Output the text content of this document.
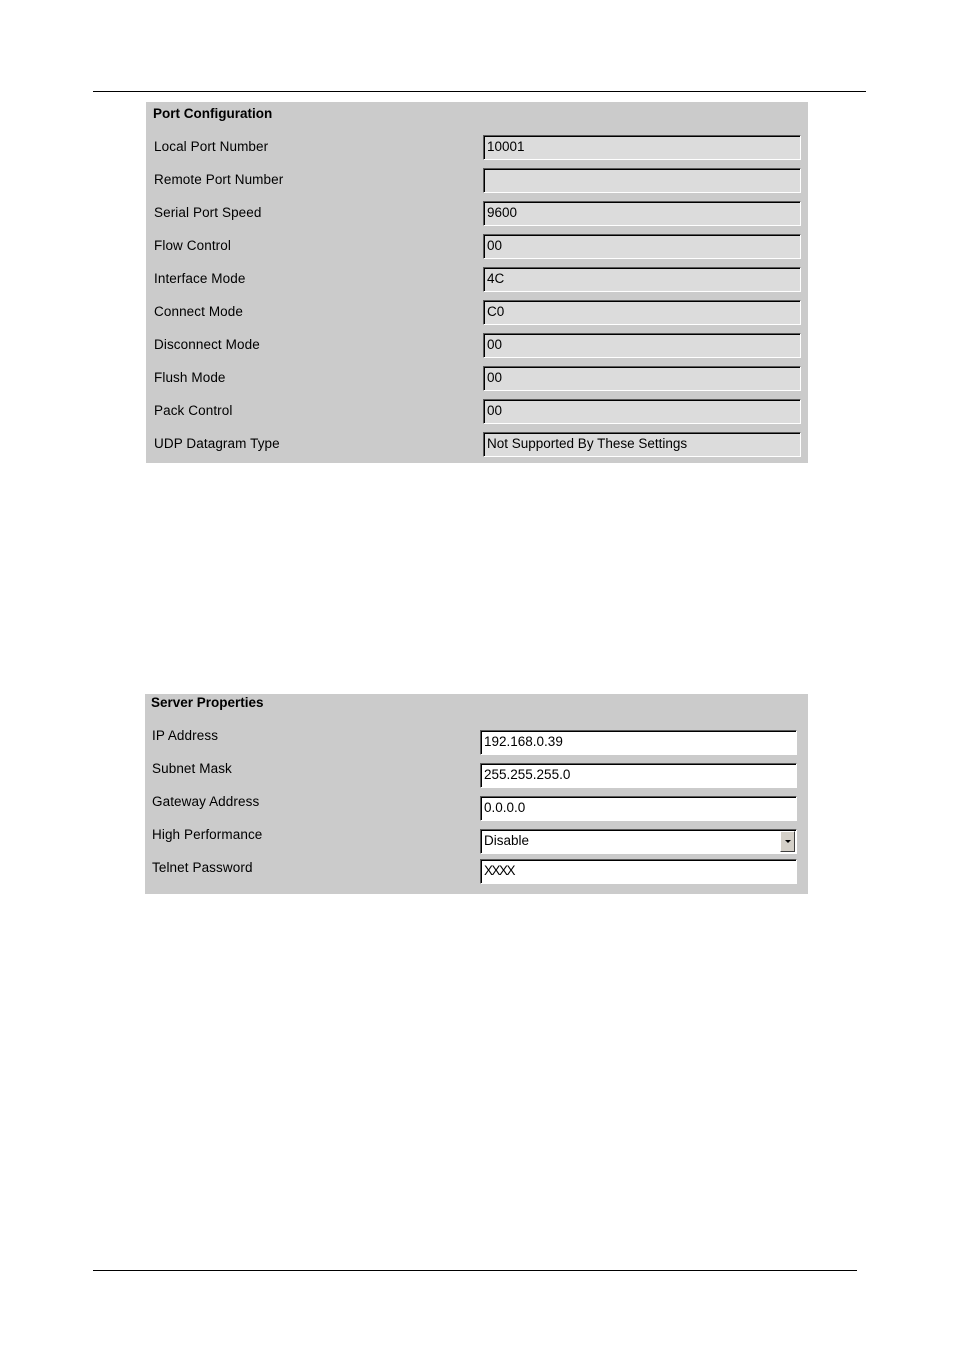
Port Configuration
Local Port Number	10001
Remote Port Number
Serial Port Speed	9600
Flow Control	00
Interface Mode	4C
Connect Mode	C0
Disconnect Mode	00
Flush Mode	00
Pack Control	00
UDP Datagram Type	Not Supported By These Settings
Server Properties
IP Address	192.168.0.39
Subnet Mask	255.255.255.0
Gateway Address	0.0.0.0
High Performance	Disable
Telnet Password	XXXX
